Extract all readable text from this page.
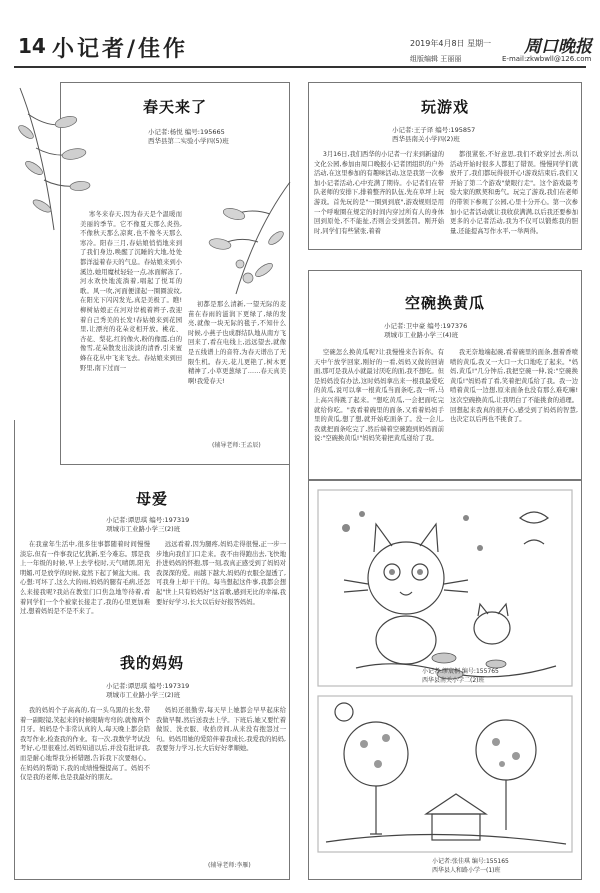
14 小记者/佳作	2019年4月8日 星期一 周口晚报
组版编辑 王丽丽	E-mail:zkwbwll@126.com
春天来了
小记者:杨悦 编号:195665
西华县第二实验小学四(5)班
寒冬来春天,因为春天是个温暖而美丽的季节。它不像夏天那么炎热,不像秋天那么凉爽,也不像冬天那么寒冷。阳春三月,春姑娘悄悄地来到了我们身边,唤醒了沉睡的大地,处处都洋溢着春天的气息。春姑娘来到小溪边,她用魔杖轻轻一点,冰面解冻了,河水欢快地流淌着,唱起了悦耳的歌。风一吹,河面便漾起一圈圈波纹,在阳光下闪闪发光,真是美极了。瞧!柳树姑娘正在河对岸梳着辫子,我迎着自己秀美的长发!春姑娘来到花园里,让漂亮的花朵竞相开放。桃花、杏花、梨花,红的像火,粉的像霞,白的像雪,花朵散发出淡淡的清香,引来蜜蜂在花丛中飞来飞去。春姑娘来到田野里,南下过而一
初都是那么清新,一望无际的麦苗在春雨的滋润下更绿了,绿的发亮,就像一块无际的毯子,不知什么时候,小燕子也成群结队地从南方飞回来了,看在电线上,远远望去,就像是五线谱上的音符,为春天谱出了无限生机。春天,花儿更艳了,树木更精神了,小草更葱绿了……春天真美啊!我爱春天!
(辅导老师:王孟辰)
玩游戏
小记者:王子译 编号:195857
西华县南关小学四(2)班
3月16日,我们西华的小记者一行来到新建的文化公园,参加由周口晚报小记者团组织的户外活动,在这里参加的有趣味活动,这是我第一次参加小记者活动,心中充满了期待。小记者们在带队老师的安排下,排着整齐的队伍,先在草坪上玩游戏。首先玩的是"一圈到到底",游戏规则是用一个呼啦圈在规定的时间内穿过所有人的身体回到原处,不不能扯,否则会受到惩罚。刚开始时,同学们有些紧张,着着
都很紧张,不好意思,我们不敢穿过去,所以活动开始时很多人都犯了错误。慢慢同学们就放开了,我们都玩得很开心!游戏结束后,我们又开始了第二个游戏"蒙眼行走"。这个游戏最考验大家的默契和勇气。玩完了游戏,我们在老师的带领下参观了公园,心里十分开心。第一次参加小记者活动就让我收获满满,以后我还要参加更多的小记者活动,我为不仅可以锻炼我的胆量,还能提高写作水平,一举两得。
空碗换黄瓜
小记者:卫中豪 编号:197376
项城市工业路小学三(4)班
空碗怎么换黄瓜呢?让我慢慢来告诉你。有天中午放学回家,刚好的一看,妈妈又做的回请面,那可是我从小就最讨厌吃的面,我不想吃。但是妈妈没有办法,这时妈妈拿出来一根我最爱吃的黄瓜,说可以拿一根黄瓜当面条吃,我一听,马上高兴得跳了起来。"想吃黄瓜,一会把面吃完就给你吃。"我看着碗里的面条,又看着妈妈手里的黄瓜,想了想,就开始吃面条了。没一会儿,我就把面条吃完了,然后端着空碗跑到妈妈面前说:"空碗换黄瓜!"妈妈笑着把黄瓜递给了我。
我无奈地端起碗,看着碗里的面条,想着香喷喷的黄瓜,我又一大口一大口地吃了起来。"妈妈,黄瓜!"几分钟后,我把空碗一伸,说:"空碗换黄瓜!"妈妈看了看,笑着把黄瓜给了我。我一边啃着黄瓜一边想,原来面条也没有那么难吃嘛!这次空碗换黄瓜,让我明白了不能挑食的道理。回想起来我真的很开心,感受到了妈妈的智慧,也决定以后再也不挑食了。
母爱
小记者:谭思琪 编号:197319
项城市工业路小学三(2)班
在我童年生活中,很多往事都随着时间慢慢淡忘,但有一件事我记忆犹新,至今难忘。那是我上一年级的时候,早上去学校时,天气晴朗,阳光明媚,可是放学的时候,竟然下起了倾盆大雨。我心想:可坏了,这么大的雨,妈妈的腿有毛病,还怎么来接我呢?我站在教室门口焦急地等待着,看着同学们一个个被家长接走了,我的心里更加难过,想着妈妈是不是不来了。
远远看着,因为腿疼,妈妈走得很慢,正一步一步地向我们门口走来。我不由得跑出去,飞快地扑进妈妈的怀抱,那一刻,我真正感受到了妈妈对我深深的爱。雨越下越大,妈妈的衣服全湿透了,可我身上却干干的。每当想起这件事,我都会想起"世上只有妈妈好"这首歌,感到无比的幸福,我要好好学习,长大以后好好报答妈妈。
我的妈妈
小记者:谭思琪 编号:197319
项城市工业路小学三(2)班
我的妈妈个子高高的,有一头乌黑的长发,带着一副眼镜,笑起来的时候眼睛弯弯的,就像两个月牙。妈妈是个非常认真的人,每天晚上都会陪我写作业,检查我的作业。有一次,我数学考试没考好,心里很难过,妈妈知道以后,并没有批评我,而是耐心地帮我分析错题,告诉我下次要细心。在妈妈的帮助下,我的成绩慢慢提高了。妈妈不仅是我的老师,也是我最好的朋友。
妈妈还很勤劳,每天早上她都会早早起床给我做早餐,然后送我去上学。下班后,她又要忙着做饭、洗衣服、收拾房间,从来没有抱怨过一句。妈妈用她的爱陪伴着我成长,我爱我的妈妈,我要努力学习,长大后好好孝顺她。
(辅导老师:李雁)
小记者:缪宸桐 编号:155765
西华县南关小学二(2)班
小记者:张佳琪 编号:155165
西华县人和路小学一(1)班
